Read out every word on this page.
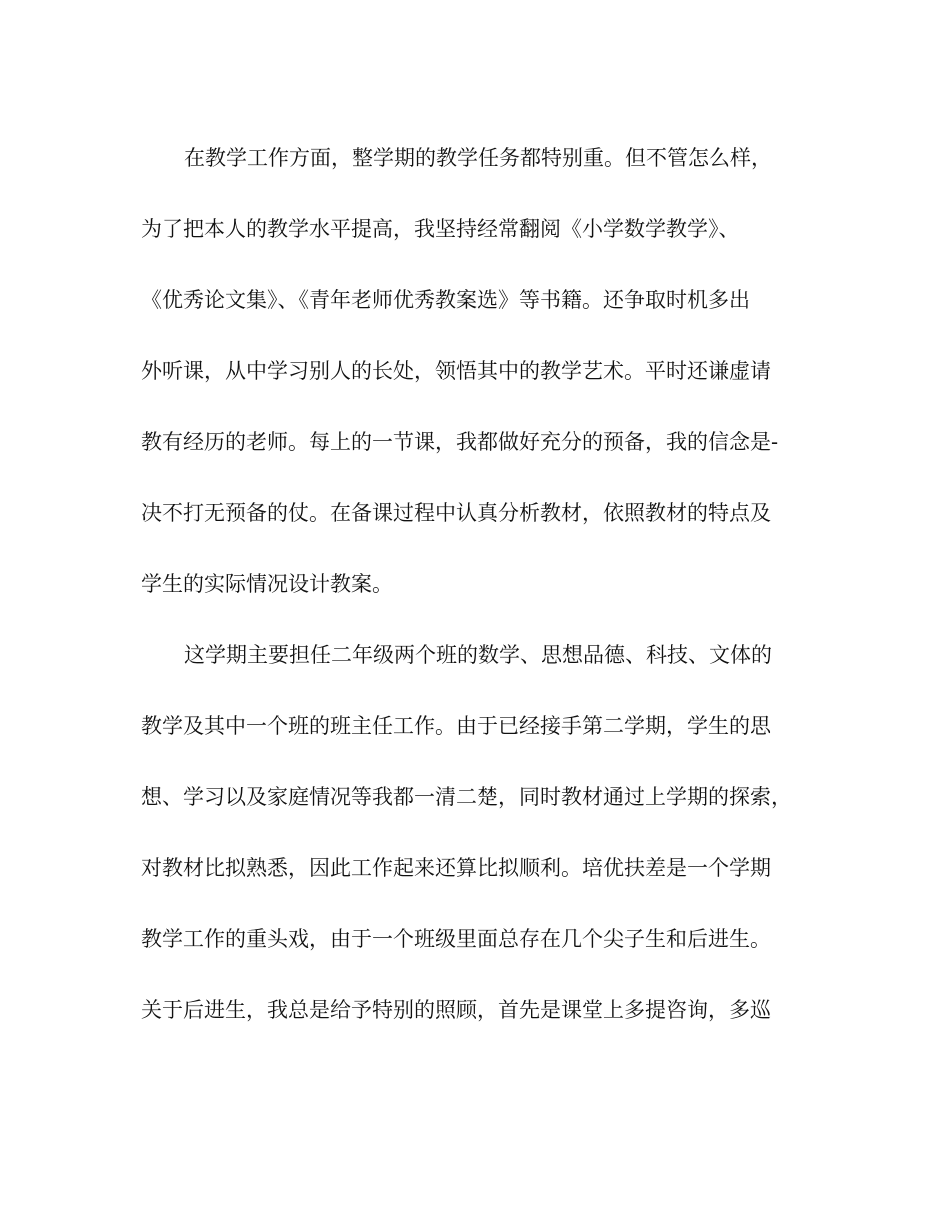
在教学工作方面，整学期的教学任务都特别重。但不管怎么样，

为了把本人的教学水平提高，我坚持经常翻阅《小学数学教学》、

《优秀论文集》、《青年老师优秀教案选》等书籍。还争取时机多出

外听课，从中学习别人的长处，领悟其中的教学艺术。平时还谦虚请

教有经历的老师。每上的一节课，我都做好充分的预备，我的信念是-

决不打无预备的仗。在备课过程中认真分析教材，依照教材的特点及

学生的实际情况设计教案。

这学期主要担任二年级两个班的数学、思想品德、科技、文体的

教学及其中一个班的班主任工作。由于已经接手第二学期，学生的思

想、学习以及家庭情况等我都一清二楚，同时教材通过上学期的探索，

对教材比拟熟悉，因此工作起来还算比拟顺利。培优扶差是一个学期

教学工作的重头戏，由于一个班级里面总存在几个尖子生和后进生。

关于后进生，我总是给予特别的照顾，首先是课堂上多提咨询，多巡
